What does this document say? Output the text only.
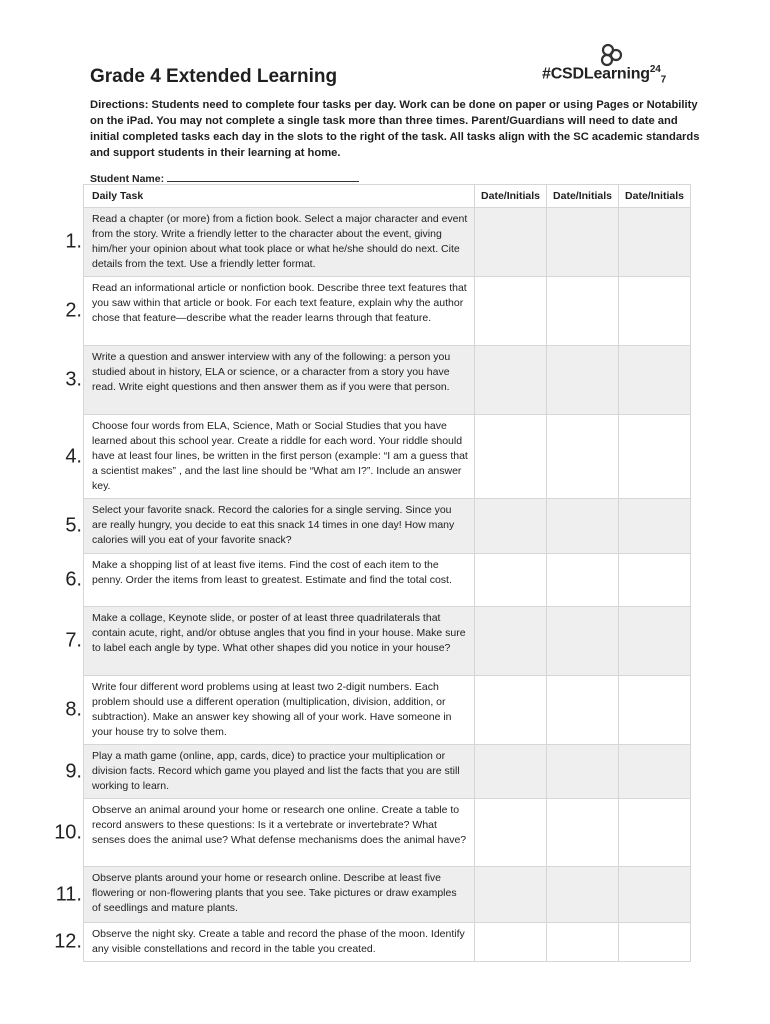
Grade 4 Extended Learning	#CSDLearning$^{24}_7$
Directions: Students need to complete four tasks per day. Work can be done on paper or using Pages or Notability on the iPad. You may not complete a single task more than three times. Parent/Guardians will need to date and initial completed tasks each day in the slots to the right of the task. All tasks align with the SC academic standards and support students in their learning at home.
Student Name:
Daily Task	Date/Initials	Date/Initials	Date/Initials

1.
Read a chapter (or more) from a fiction book. Select a major character and event from the story. Write a friendly letter to the character about the event, giving him/her your opinion about what took place or what he/she should do next. Cite details from the text. Use a friendly letter format.			

2.
Read an informational article or nonfiction book. Describe three text features that you saw within that article or book. For each text feature, explain why the author chose that feature—describe what the reader learns through that feature.			

3.
Write a question and answer interview with any of the following: a person you studied about in history, ELA or science, or a character from a story you have read. Write eight questions and then answer them as if you were that person.			

4.
Choose four words from ELA, Science, Math or Social Studies that you have learned about this school year. Create a riddle for each word. Your riddle should have at least four lines, be written in the first person (example: “I am a guess that a scientist makes” , and the last line should be “What am I?”. Include an answer key.			

5.
Select your favorite snack. Record the calories for a single serving. Since you are really hungry, you decide to eat this snack 14 times in one day! How many calories will you eat of your favorite snack?			

6.
Make a shopping list of at least five items. Find the cost of each item to the penny. Order the items from least to greatest. Estimate and find the total cost.			

7.
Make a collage, Keynote slide, or poster of at least three quadrilaterals that contain acute, right, and/or obtuse angles that you find in your house. Make sure to label each angle by type. What other shapes did you notice in your house?			

8.
Write four different word problems using at least two 2-digit numbers. Each problem should use a different operation (multiplication, division, addition, or subtraction). Make an answer key showing all of your work. Have someone in your house try to solve them.			

9.
Play a math game (online, app, cards, dice) to practice your multiplication or division facts. Record which game you played and list the facts that you are still working to learn.			

10.
Observe an animal around your home or research one online. Create a table to record answers to these questions: Is it a vertebrate or invertebrate? What senses does the animal use? What defense mechanisms does the animal have?			

11.
Observe plants around your home or research online. Describe at least five flowering or non-flowering plants that you see. Take pictures or draw examples of seedlings and mature plants.			

12. Observe the night sky. Create a table and record the phase of the moon. Identify any visible constellations and record in the table you created.			
